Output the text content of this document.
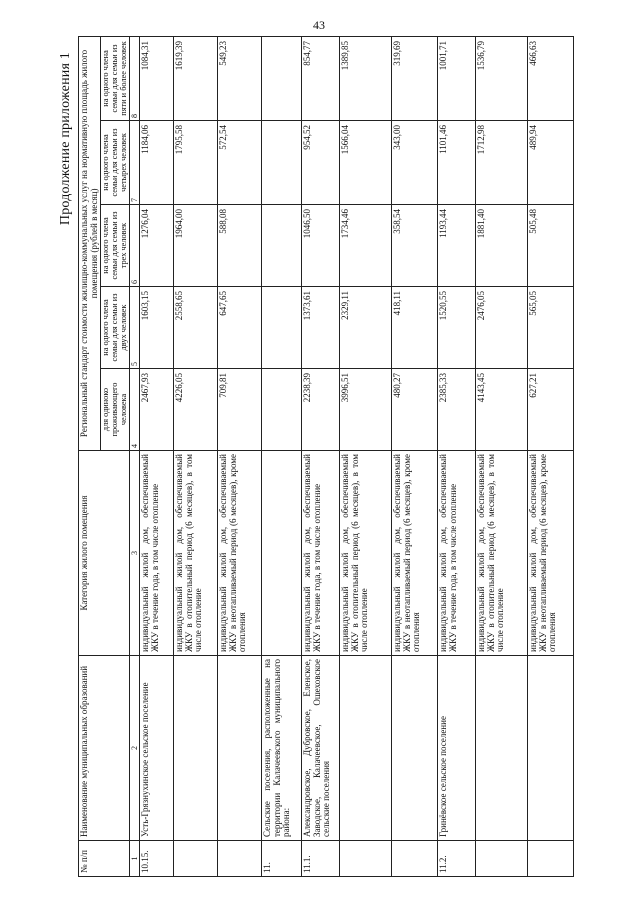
43
Продолжение приложения 1
№ п/п	Наименование муниципальных образований	Категория жилого помещения	Региональный стандарт стоимости жилищно-коммунальных услуг на нормативную площадь жилого помещения (рублей в месяц)				
			для одиноко проживающего человека	на одного члена семьи для семьи из двух человек	на одного члена семьи для семьи из трех человек	на одного члена семьи для семьи из четырех человек	на одного члена семьи для семьи из пяти и более человек
1	2	3	4	5	6	7	8
10.15.	Усть-Грязнухинское сельское поселение	индивидуальный жилой дом, обеспечиваемый ЖКУ в течение года, в том числе отопление	2467,93	1603,15	1276,04	1184,06	1084,31
		индивидуальный жилой дом, обеспечиваемый ЖКУ в отопительный период (6 месяцев), в том числе отопление	4226,05	2558,65	1964,00	1795,58	1619,39
		индивидуальный жилой дом, обеспечиваемый ЖКУ в неотапливаемый период (6 месяцев), кроме отопления	709,81	647,65	588,08	572,54	549,23
11.	Сельские поселения, расположенные на территории Калачеевского муниципального района:						
11.1.	Александровское, Дубровское, Еленское, Заводское, Калачеевское, Ошеховское сельские поселения	индивидуальный жилой дом, обеспечиваемый ЖКУ в течение года, в том числе отопление	2238,39	1373,61	1046,50	954,52	854,77
		индивидуальный жилой дом, обеспечиваемый ЖКУ в отопительный период (6 месяцев), в том числе отопление	3996,51	2329,11	1734,46	1566,04	1389,85
		индивидуальный жилой дом, обеспечиваемый ЖКУ в неотапливаемый период (6 месяцев), кроме отопления	480,27	418,11	358,54	343,00	319,69
11.2.	Гринёвское сельское поселение	индивидуальный жилой дом, обеспечиваемый ЖКУ в течение года, в том числе отопление	2385,33	1520,55	1193,44	1101,46	1001,71
		индивидуальный жилой дом, обеспечиваемый ЖКУ в отопительный период (6 месяцев), в том числе отопление	4143,45	2476,05	1881,40	1712,98	1536,79
		индивидуальный жилой дом, обеспечиваемый ЖКУ в неотапливаемый период (6 месяцев), кроме отопления	627,21	565,05	505,48	489,94	466,63
